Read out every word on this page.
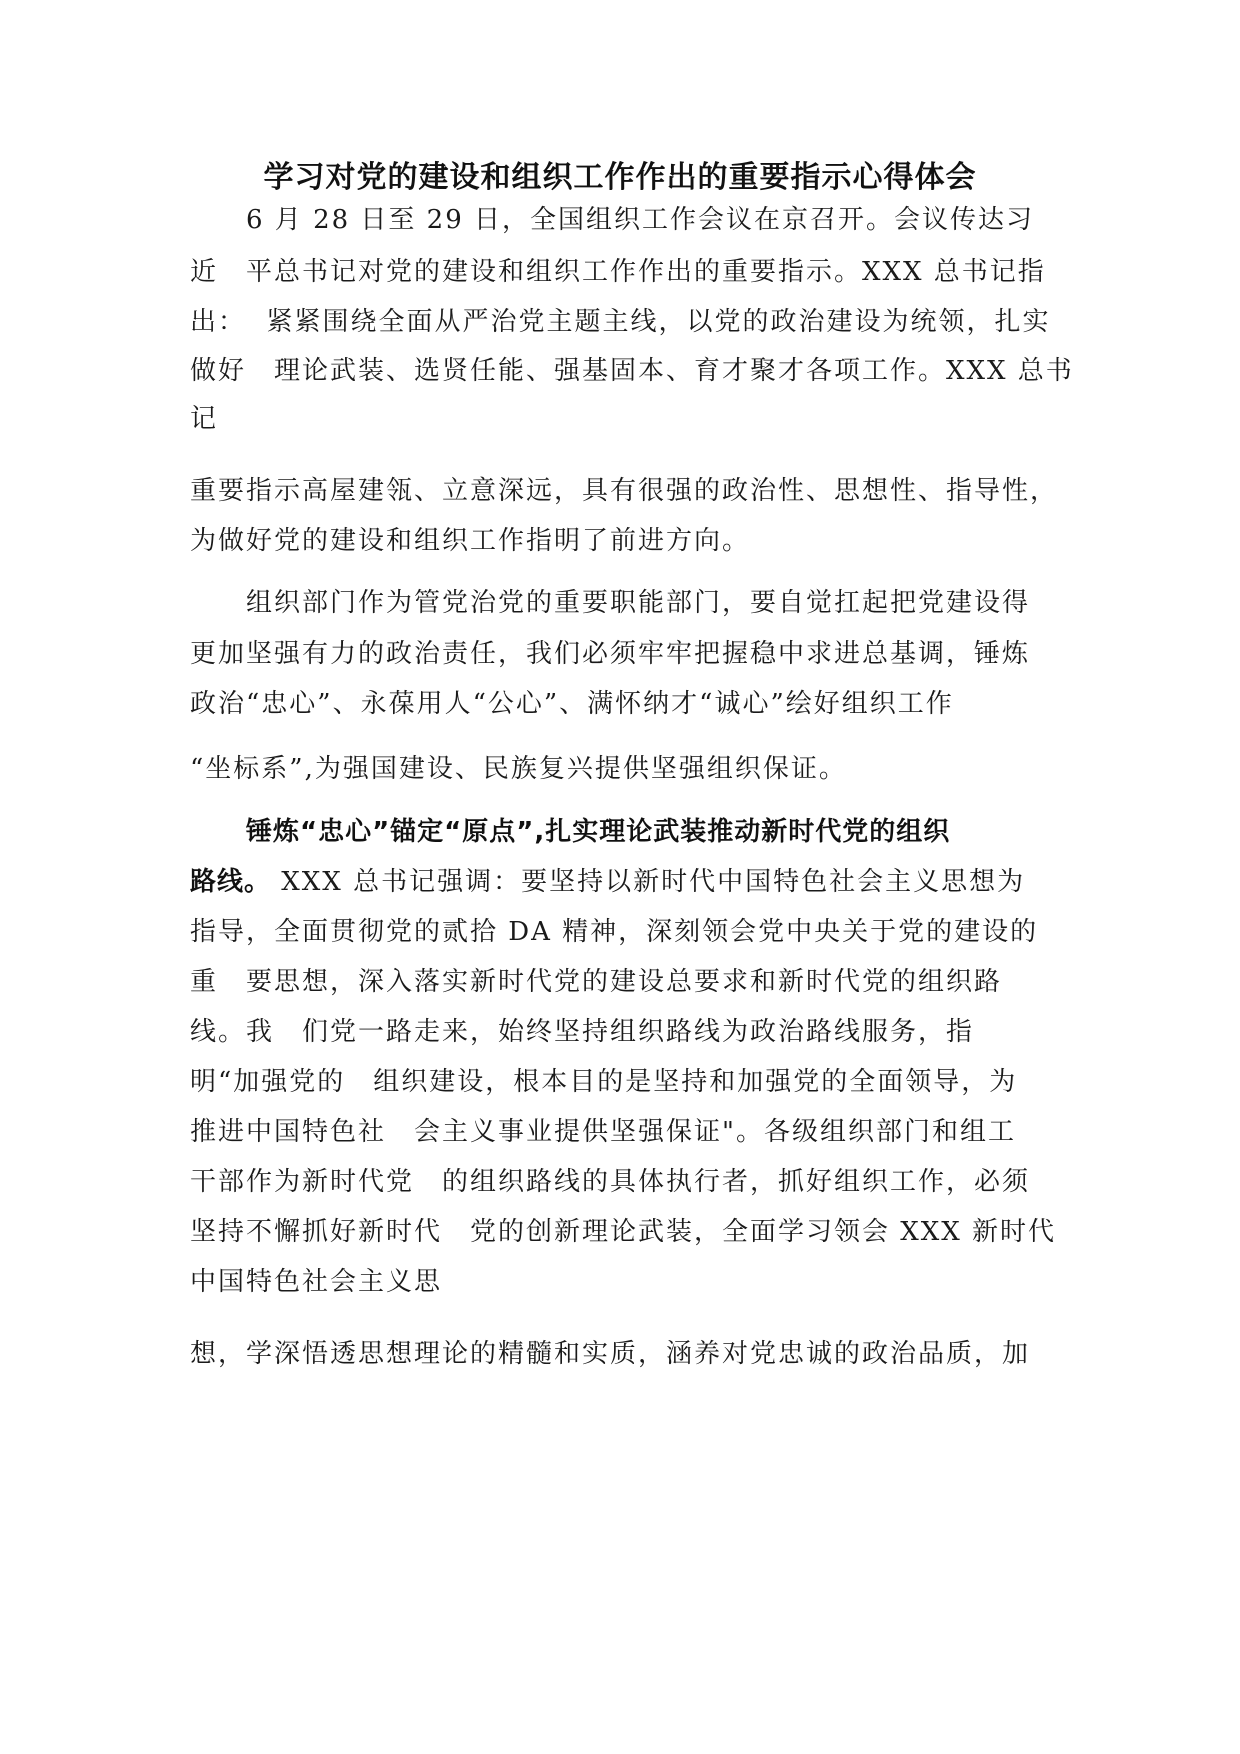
学习对党的建设和组织工作作出的重要指示心得体会
6 月 28 日至 29 日，全国组织工作会议在京召开。会议传达习
近　平总书记对党的建设和组织工作作出的重要指示。XXX 总书记指
出：  紧紧围绕全面从严治党主题主线，以党的政治建设为统领，扎实
做好　理论武装、选贤任能、强基固本、育才聚才各项工作。XXX 总书
记
重要指示高屋建瓴、立意深远，具有很强的政治性、思想性、指导性，
为做好党的建设和组织工作指明了前进方向。
组织部门作为管党治党的重要职能部门，要自觉扛起把党建设得
更加坚强有力的政治责任，我们必须牢牢把握稳中求进总基调，锤炼
政治“忠心”、永葆用人“公心”、满怀纳才“诚心”绘好组织工作
“坐标系”,为强国建设、民族复兴提供坚强组织保证。
锤炼“忠心”锚定“原点”,扎实理论武装推动新时代党的组织
路线。 XXX 总书记强调：要坚持以新时代中国特色社会主义思想为
指导，全面贯彻党的贰拾 DA 精神，深刻领会党中央关于党的建设的
重　要思想，深入落实新时代党的建设总要求和新时代党的组织路
线。我　们党一路走来，始终坚持组织路线为政治路线服务，指
明“加强党的　组织建设，根本目的是坚持和加强党的全面领导，为
推进中国特色社　会主义事业提供坚强保证"。各级组织部门和组工
干部作为新时代党　的组织路线的具体执行者，抓好组织工作，必须
坚持不懈抓好新时代　党的创新理论武装，全面学习领会 XXX 新时代
中国特色社会主义思
想，学深悟透思想理论的精髓和实质，涵养对党忠诚的政治品质，加
